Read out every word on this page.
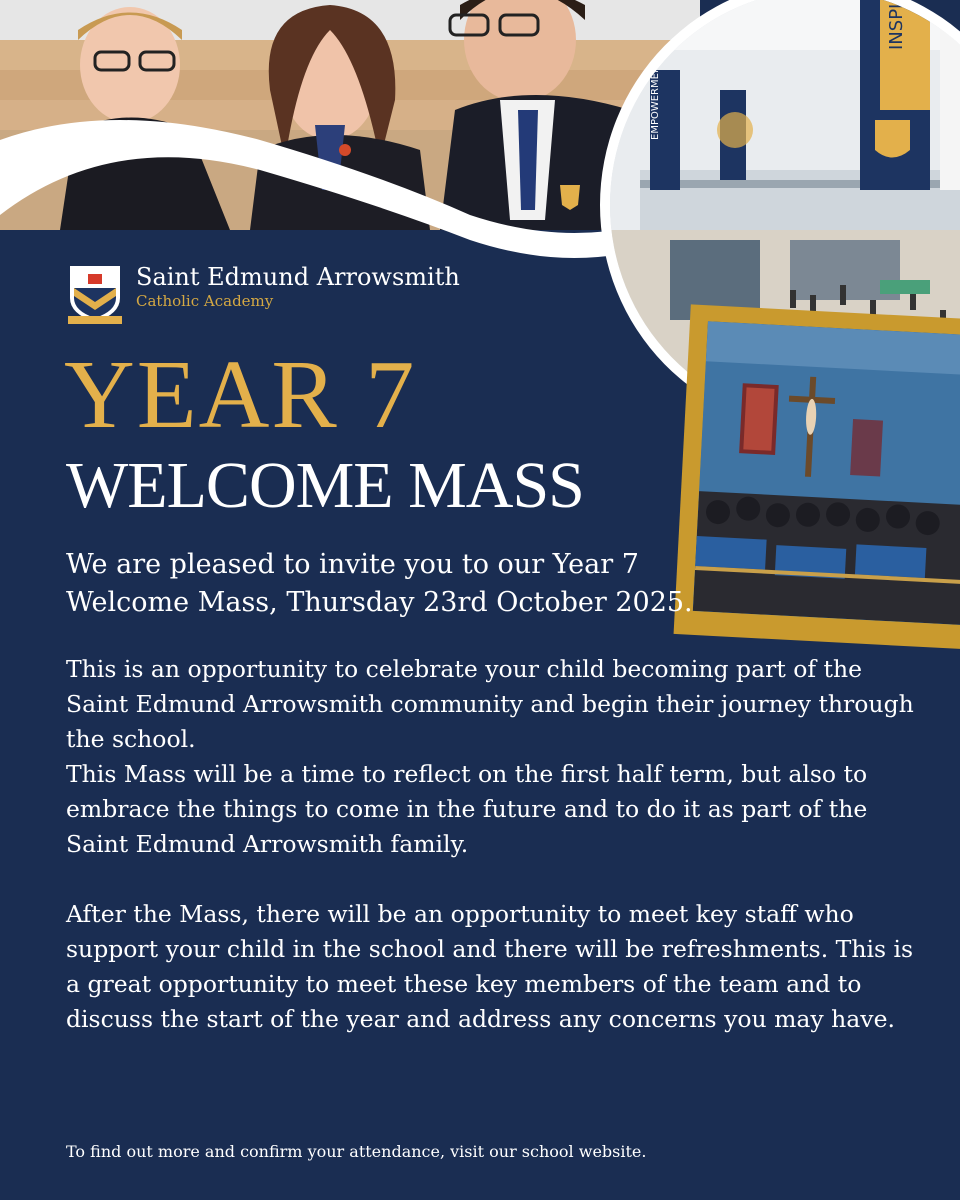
EMPOWERMENT
INSPI
Saint Edmund Arrowsmith
Catholic Academy
YEAR 7
WELCOME MASS
We are pleased to invite you to our Year 7
Welcome Mass, Thursday 23rd October 2025.

This is an opportunity to celebrate your child becoming part of the Saint Edmund Arrowsmith community and begin their journey through the school.

This Mass will be a time to reflect on the first half term, but also to embrace the things to come in the future and to do it as part of the Saint Edmund Arrowsmith family.

After the Mass, there will be an opportunity to meet key staff who support your child in the school and there will be refreshments. This is a great opportunity to meet these key members of the team and to discuss the start of the year and address any concerns you may have.

To find out more and confirm your attendance, visit our school website.
